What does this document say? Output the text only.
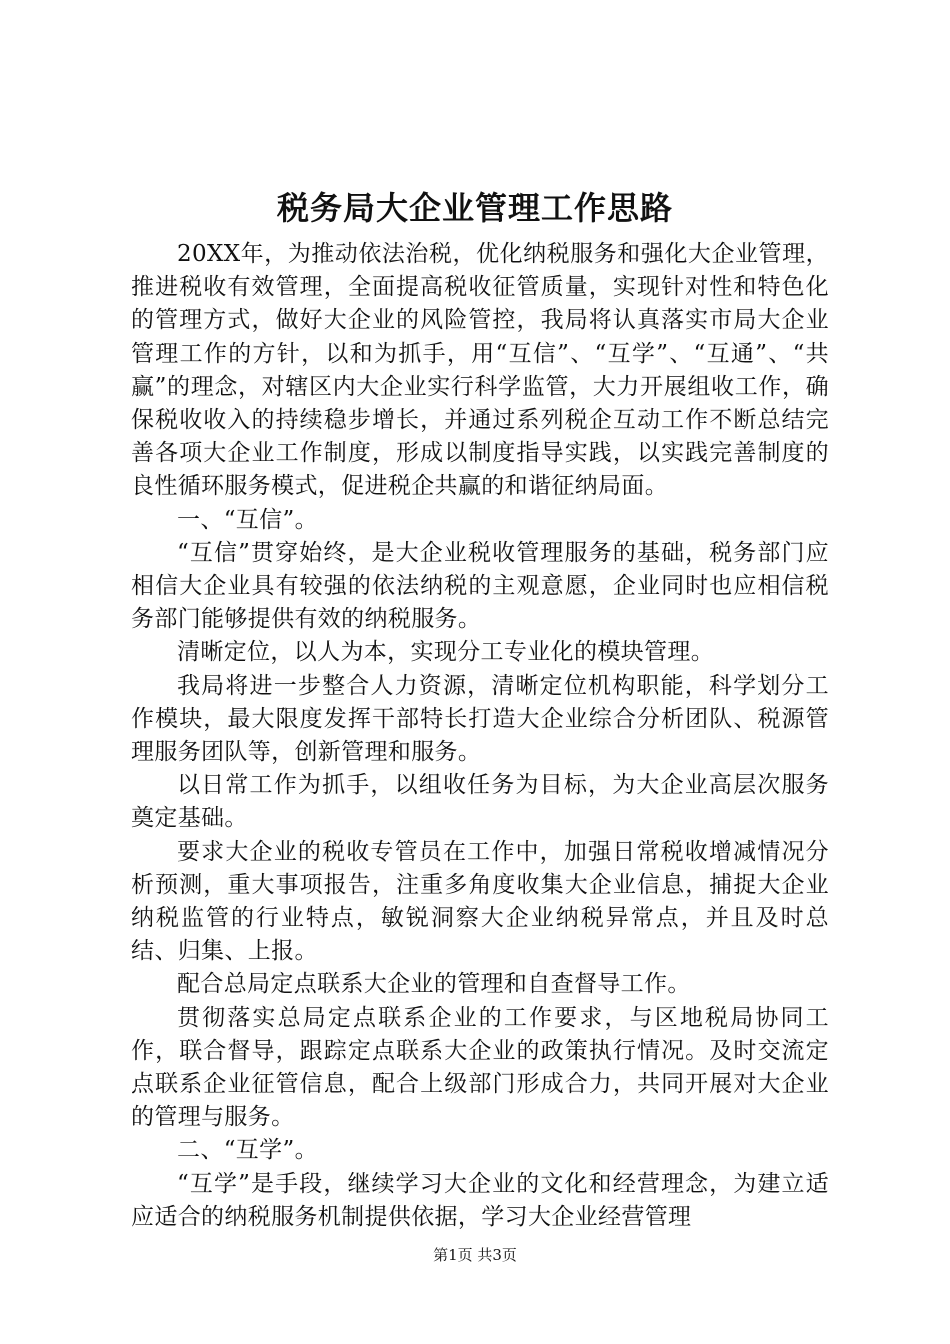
税务局大企业管理工作思路

20XX年，为推动依法治税，优化纳税服务和强化大企业管理，推进税收有效管理，全面提高税收征管质量，实现针对性和特色化的管理方式，做好大企业的风险管控，我局将认真落实市局大企业管理工作的方针，以和为抓手，用“互信”、“互学”、“互通”、“共赢”的理念，对辖区内大企业实行科学监管，大力开展组收工作，确保税收收入的持续稳步增长，并通过系列税企互动工作不断总结完善各项大企业工作制度，形成以制度指导实践，以实践完善制度的良性循环服务模式，促进税企共赢的和谐征纳局面。

一、“互信”。

“互信”贯穿始终，是大企业税收管理服务的基础，税务部门应相信大企业具有较强的依法纳税的主观意愿，企业同时也应相信税务部门能够提供有效的纳税服务。

清晰定位，以人为本，实现分工专业化的模块管理。

我局将进一步整合人力资源，清晰定位机构职能，科学划分工作模块，最大限度发挥干部特长打造大企业综合分析团队、税源管理服务团队等，创新管理和服务。

以日常工作为抓手，以组收任务为目标，为大企业高层次服务奠定基础。

要求大企业的税收专管员在工作中，加强日常税收增减情况分析预测，重大事项报告，注重多角度收集大企业信息，捕捉大企业纳税监管的行业特点，敏锐洞察大企业纳税异常点，并且及时总结、归集、上报。

配合总局定点联系大企业的管理和自查督导工作。

贯彻落实总局定点联系企业的工作要求，与区地税局协同工作，联合督导，跟踪定点联系大企业的政策执行情况。及时交流定点联系企业征管信息，配合上级部门形成合力，共同开展对大企业的管理与服务。

二、“互学”。

“互学”是手段，继续学习大企业的文化和经营理念，为建立适应适合的纳税服务机制提供依据，学习大企业经营管理

第1页 共3页
